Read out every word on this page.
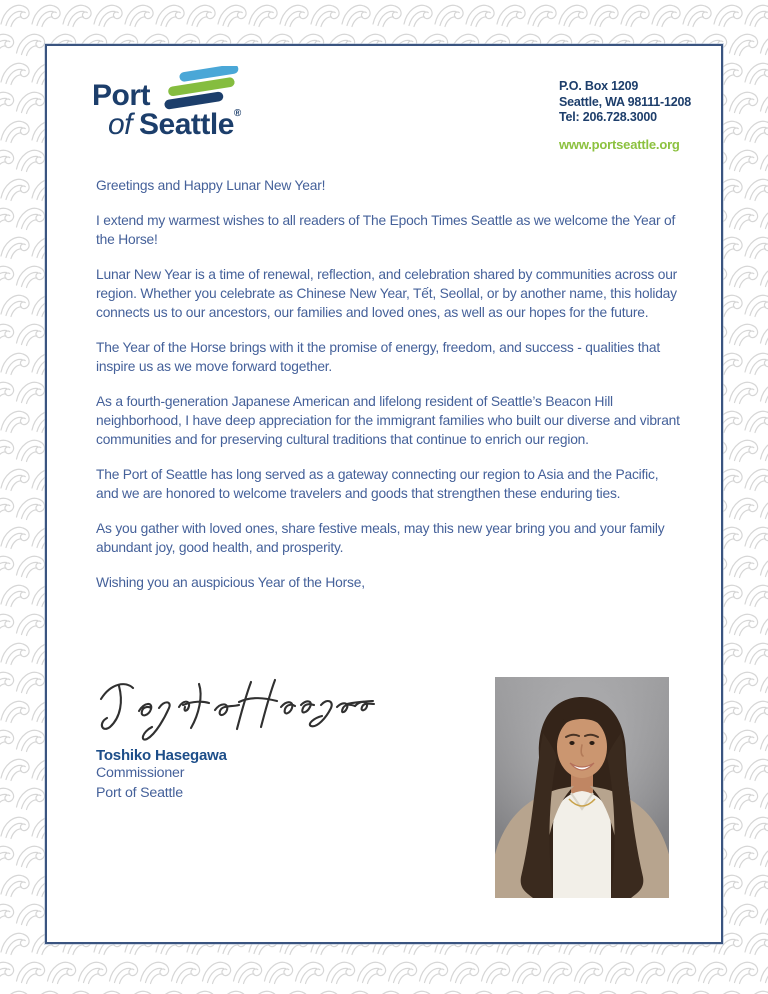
Port
of Seattle®
P.O. Box 1209
Seattle, WA 98111-1208
Tel: 206.728.3000
www.portseattle.org
Greetings and Happy Lunar New Year!
I extend my warmest wishes to all readers of The Epoch Times Seattle as we welcome the Year of the Horse!
Lunar New Year is a time of renewal, reflection, and celebration shared by communities across our region. Whether you celebrate as Chinese New Year, Tết, Seollal, or by another name, this holiday connects us to our ancestors, our families and loved ones, as well as our hopes for the future.
The Year of the Horse brings with it the promise of energy, freedom, and success - qualities that inspire us as we move forward together.
As a fourth-generation Japanese American and lifelong resident of Seattle’s Beacon Hill neighborhood, I have deep appreciation for the immigrant families who built our diverse and vibrant communities and for preserving cultural traditions that continue to enrich our region.
The Port of Seattle has long served as a gateway connecting our region to Asia and the Pacific, and we are honored to welcome travelers and goods that strengthen these enduring ties.
As you gather with loved ones, share festive meals, may this new year bring you and your family abundant joy, good health, and prosperity.
Wishing you an auspicious Year of the Horse,
Toshiko Hasegawa
Commissioner
Port of Seattle
